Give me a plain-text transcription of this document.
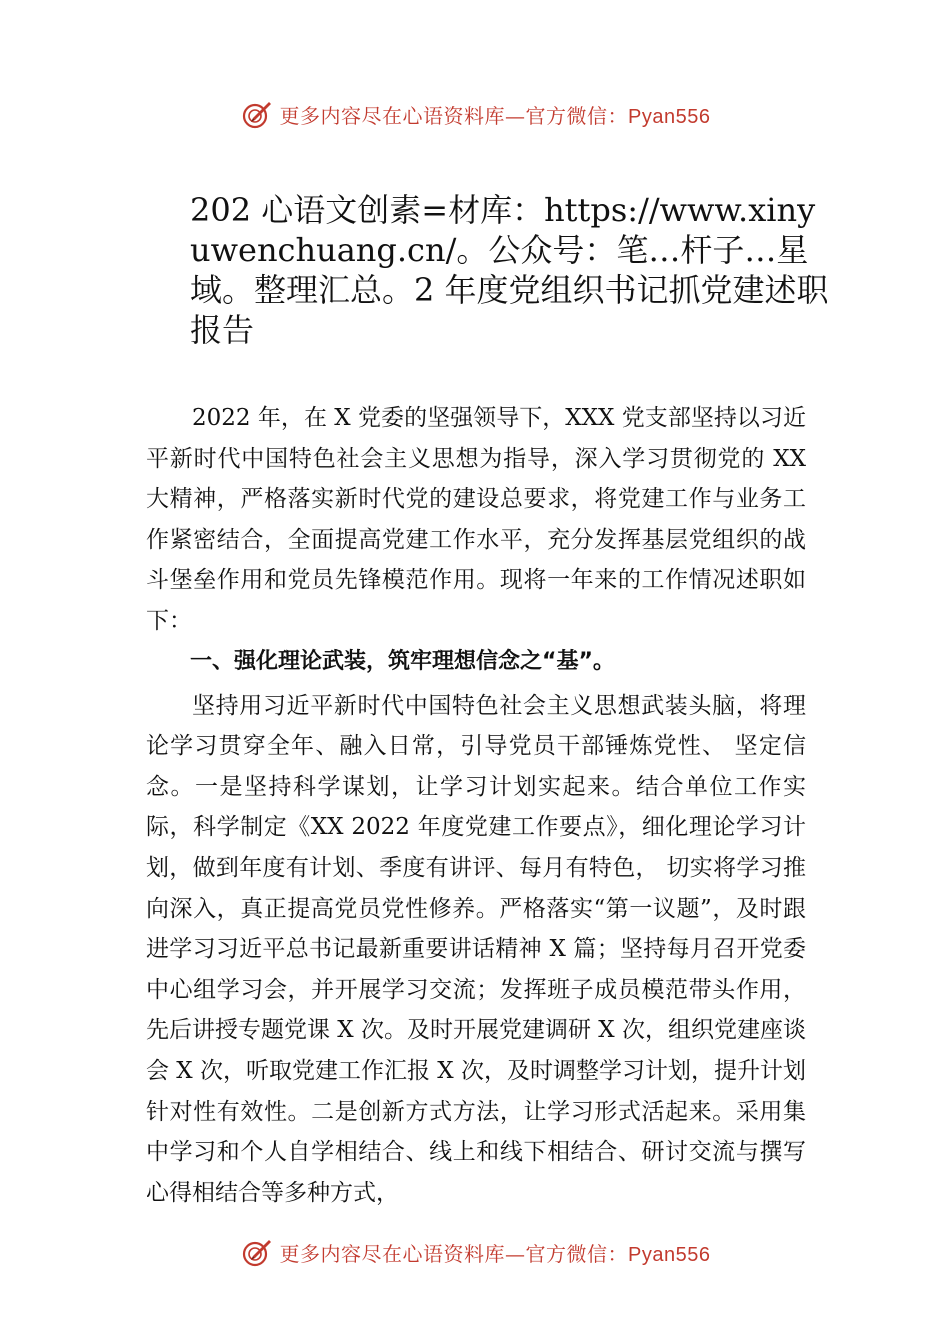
更多内容尽在心语资料库—官方微信：Pyan556
202 心语文创素=材库：https://www.xinyuwenchuang.cn/。公众号：笔…杆子…星域。整理汇总。2 年度党组织书记抓党建述职报告

2022 年，在 X 党委的坚强领导下，XXX 党支部坚持以习近平新时代中国特色社会主义思想为指导，深入学习贯彻党的 XX 大精神，严格落实新时代党的建设总要求，将党建工作与业务工作紧密结合，全面提高党建工作水平，充分发挥基层党组织的战斗堡垒作用和党员先锋模范作用。现将一年来的工作情况述职如下：

一、强化理论武装，筑牢理想信念之“基”。

坚持用习近平新时代中国特色社会主义思想武装头脑，将理论学习贯穿全年、融入日常，引导党员干部锤炼党性、 坚定信念。一是坚持科学谋划，让学习计划实起来。结合单位工作实际，科学制定《XX 2022 年度党建工作要点》，细化理论学习计划，做到年度有计划、季度有讲评、每月有特色， 切实将学习推向深入，真正提高党员党性修养。严格落实“第一议题”，及时跟进学习习近平总书记最新重要讲话精神 X 篇；坚持每月召开党委中心组学习会，并开展学习交流；发挥班子成员模范带头作用，先后讲授专题党课 X 次。及时开展党建调研 X 次，组织党建座谈会 X 次，听取党建工作汇报 X 次，及时调整学习计划，提升计划针对性有效性。二是创新方式方法，让学习形式活起来。采用集中学习和个人自学相结合、线上和线下相结合、研讨交流与撰写心得相结合等多种方式，

更多内容尽在心语资料库—官方微信：Pyan556
